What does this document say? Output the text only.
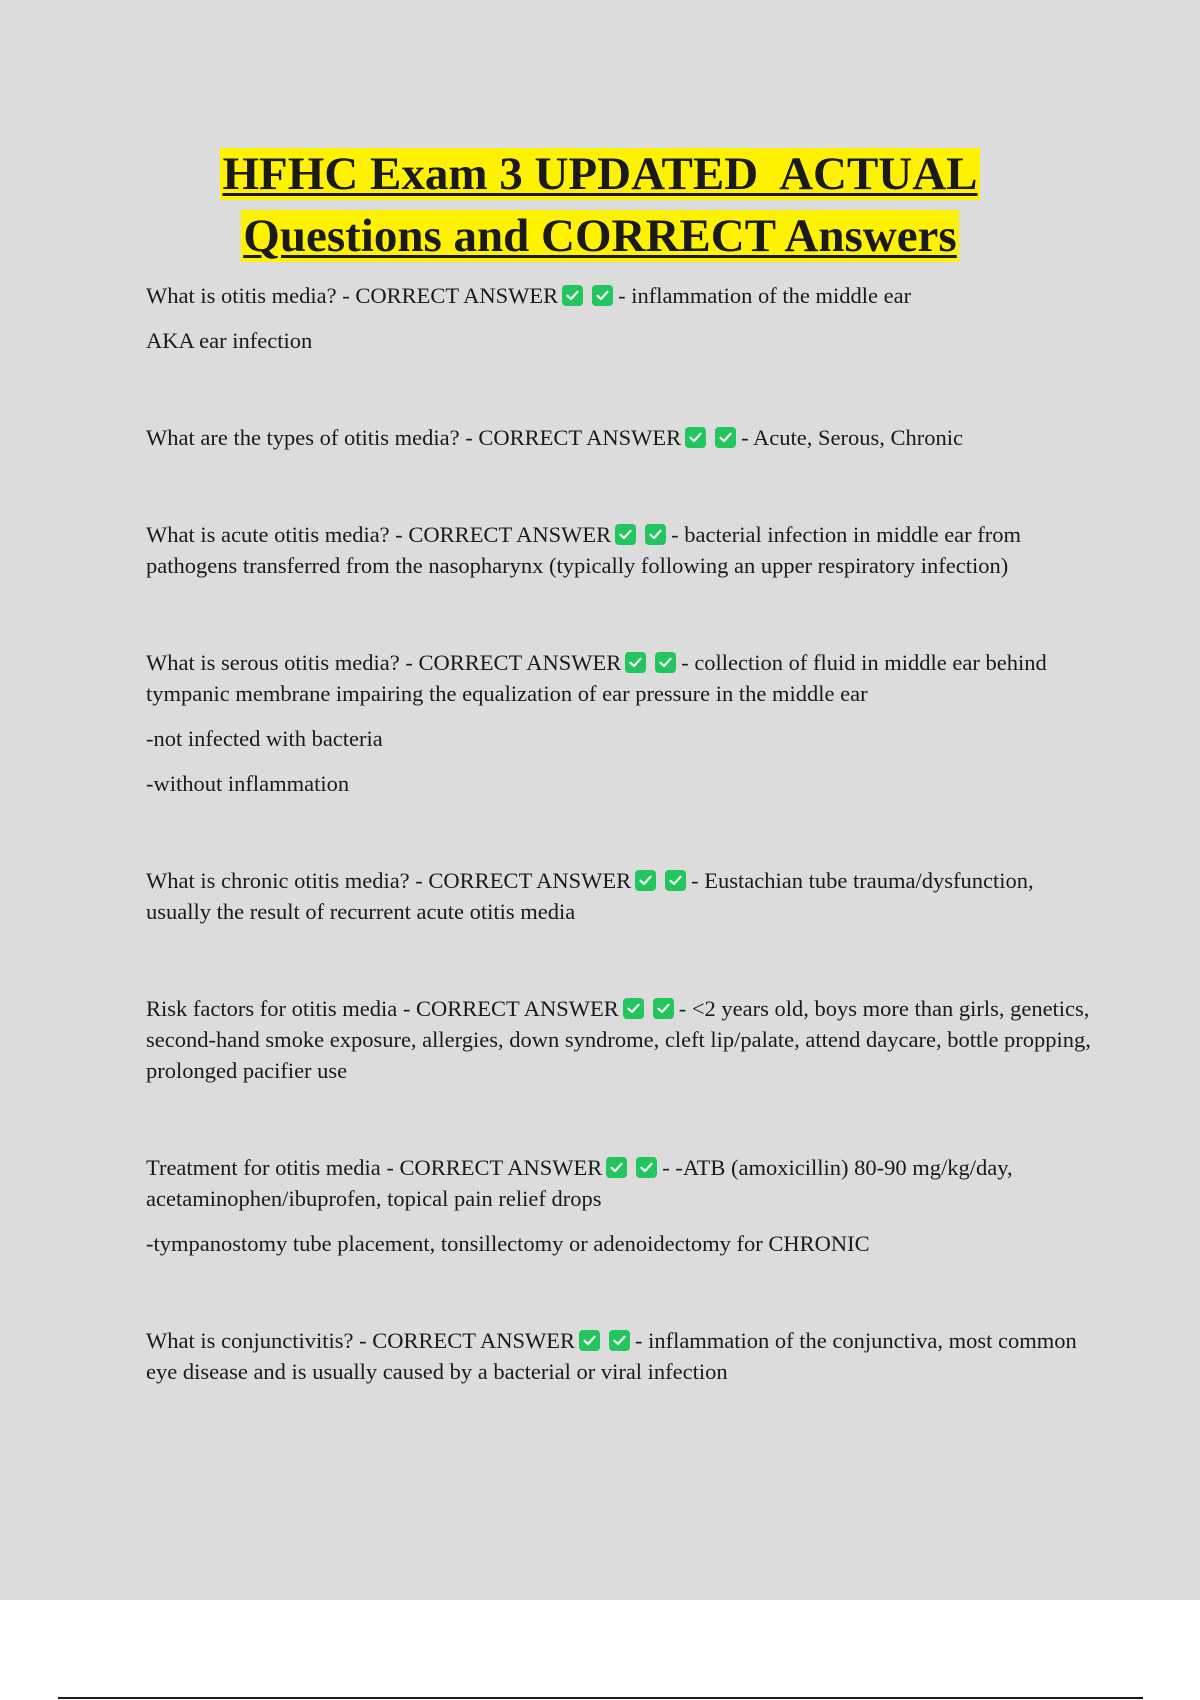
HFHC Exam 3 UPDATED  ACTUAL
Questions and CORRECT Answers

What is otitis media? - CORRECT ANSWER	- inflammation of the middle ear

AKA ear infection

What are the types of otitis media? - CORRECT ANSWER	- Acute, Serous, Chronic

What is acute otitis media? - CORRECT ANSWER	- bacterial infection in middle ear from pathogens transferred from the nasopharynx (typically following an upper respiratory infection)

What is serous otitis media? - CORRECT ANSWER	- collection of fluid in middle ear behind tympanic membrane impairing the equalization of ear pressure in the middle ear

-not infected with bacteria

-without inflammation

What is chronic otitis media? - CORRECT ANSWER	- Eustachian tube trauma/dysfunction, usually the result of recurrent acute otitis media

Risk factors for otitis media - CORRECT ANSWER	- <2 years old, boys more than girls, genetics, second-hand smoke exposure, allergies, down syndrome, cleft lip/palate, attend daycare, bottle propping, prolonged pacifier use

Treatment for otitis media - CORRECT ANSWER	- -ATB (amoxicillin) 80-90 mg/kg/day, acetaminophen/ibuprofen, topical pain relief drops

-tympanostomy tube placement, tonsillectomy or adenoidectomy for CHRONIC

What is conjunctivitis? - CORRECT ANSWER	- inflammation of the conjunctiva, most common eye disease and is usually caused by a bacterial or viral infection
